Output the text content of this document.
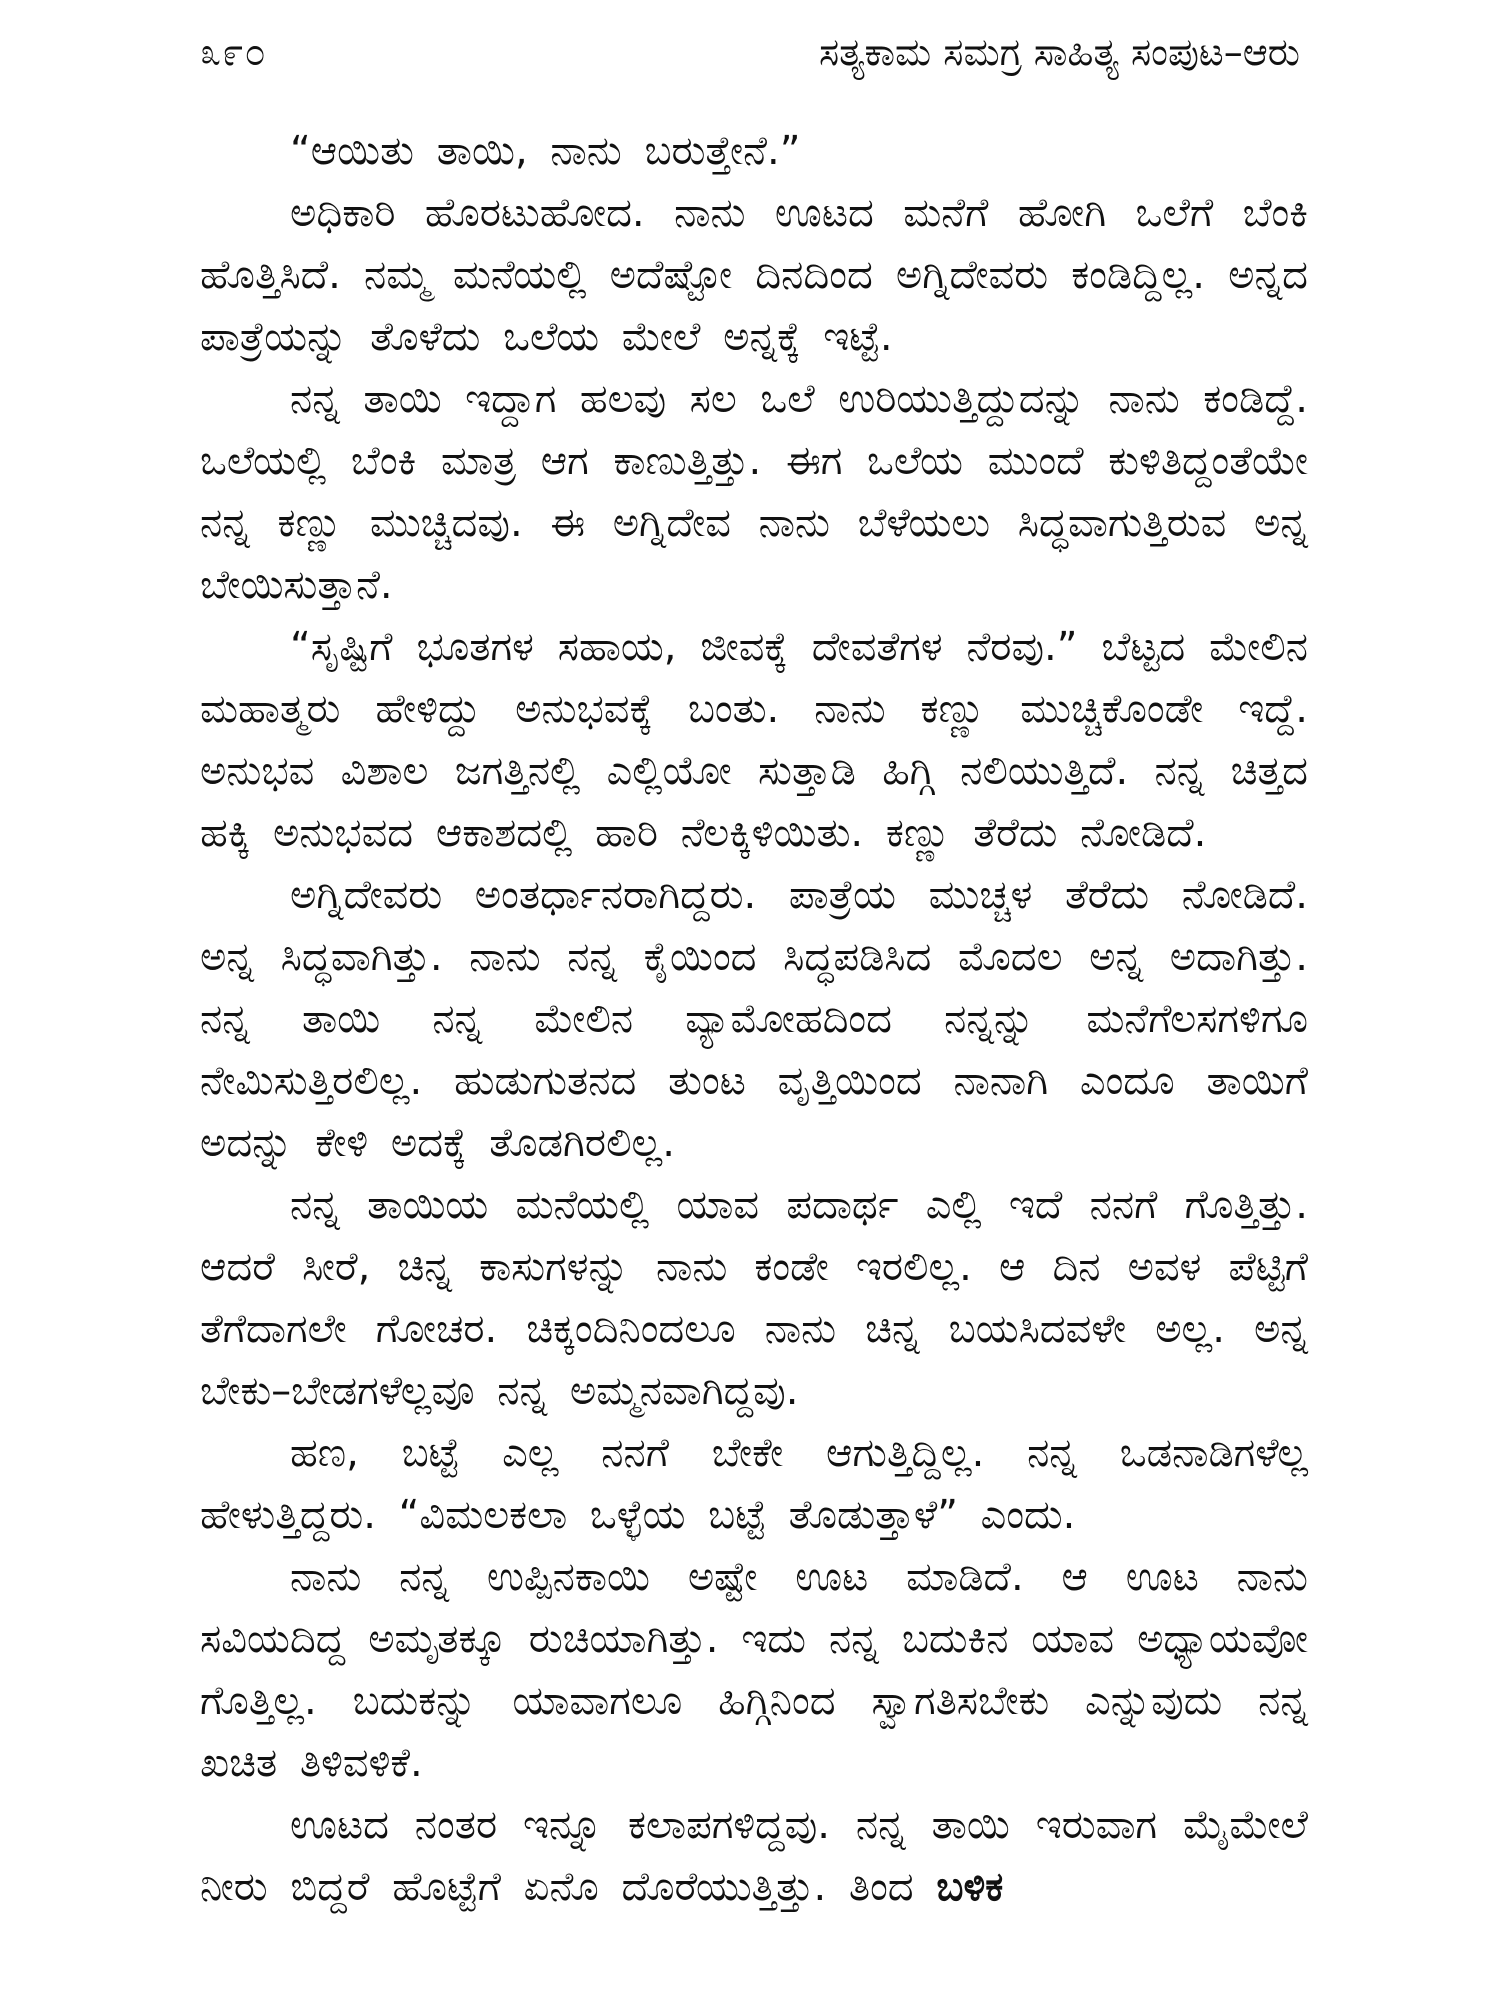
೩೯೦	ಸತ್ಯಕಾಮ ಸಮಗ್ರ ಸಾಹಿತ್ಯ ಸಂಪುಟ–ಆರು

“ಆಯಿತು ತಾಯಿ, ನಾನು ಬರುತ್ತೇನೆ.”

ಅಧಿಕಾರಿ ಹೊರಟುಹೋದ. ನಾನು ಊಟದ ಮನೆಗೆ ಹೋಗಿ ಒಲೆಗೆ ಬೆಂಕಿ ಹೊತ್ತಿಸಿದೆ. ನಮ್ಮ ಮನೆಯಲ್ಲಿ ಅದೆಷ್ಟೋ ದಿನದಿಂದ ಅಗ್ನಿದೇವರು ಕಂಡಿದ್ದಿಲ್ಲ. ಅನ್ನದ ಪಾತ್ರೆಯನ್ನು ತೊಳೆದು ಒಲೆಯ ಮೇಲೆ ಅನ್ನಕ್ಕೆ ಇಟ್ಟೆ.

ನನ್ನ ತಾಯಿ ಇದ್ದಾಗ ಹಲವು ಸಲ ಒಲೆ ಉರಿಯುತ್ತಿದ್ದುದನ್ನು ನಾನು ಕಂಡಿದ್ದೆ. ಒಲೆಯಲ್ಲಿ ಬೆಂಕಿ ಮಾತ್ರ ಆಗ ಕಾಣುತ್ತಿತ್ತು. ಈಗ ಒಲೆಯ ಮುಂದೆ ಕುಳಿತಿದ್ದಂತೆಯೇ ನನ್ನ ಕಣ್ಣು ಮುಚ್ಚಿದವು. ಈ ಅಗ್ನಿದೇವ ನಾನು ಬೆಳೆಯಲು ಸಿದ್ಧವಾಗುತ್ತಿರುವ ಅನ್ನ ಬೇಯಿಸುತ್ತಾನೆ.

“ಸೃಷ್ಟಿಗೆ ಭೂತಗಳ ಸಹಾಯ, ಜೀವಕ್ಕೆ ದೇವತೆಗಳ ನೆರವು.” ಬೆಟ್ಟದ ಮೇಲಿನ ಮಹಾತ್ಮರು ಹೇಳಿದ್ದು ಅನುಭವಕ್ಕೆ ಬಂತು. ನಾನು ಕಣ್ಣು ಮುಚ್ಚಿಕೊಂಡೇ ಇದ್ದೆ. ಅನುಭವ ವಿಶಾಲ ಜಗತ್ತಿನಲ್ಲಿ ಎಲ್ಲಿಯೋ ಸುತ್ತಾಡಿ ಹಿಗ್ಗಿ ನಲಿಯುತ್ತಿದೆ. ನನ್ನ ಚಿತ್ತದ ಹಕ್ಕಿ ಅನುಭವದ ಆಕಾಶದಲ್ಲಿ ಹಾರಿ ನೆಲಕ್ಕಿಳಿಯಿತು. ಕಣ್ಣು ತೆರೆದು ನೋಡಿದೆ.

ಅಗ್ನಿದೇವರು ಅಂತರ್ಧಾನರಾಗಿದ್ದರು. ಪಾತ್ರೆಯ ಮುಚ್ಚಳ ತೆರೆದು ನೋಡಿದೆ. ಅನ್ನ ಸಿದ್ಧವಾಗಿತ್ತು. ನಾನು ನನ್ನ ಕೈಯಿಂದ ಸಿದ್ಧಪಡಿಸಿದ ಮೊದಲ ಅನ್ನ ಅದಾಗಿತ್ತು. ನನ್ನ ತಾಯಿ ನನ್ನ ಮೇಲಿನ ವ್ಯಾಮೋಹದಿಂದ ನನ್ನನ್ನು ಮನೆಗೆಲಸಗಳಿಗೂ ನೇಮಿಸುತ್ತಿರಲಿಲ್ಲ. ಹುಡುಗುತನದ ತುಂಟ ವೃತ್ತಿಯಿಂದ ನಾನಾಗಿ ಎಂದೂ ತಾಯಿಗೆ ಅದನ್ನು ಕೇಳಿ ಅದಕ್ಕೆ ತೊಡಗಿರಲಿಲ್ಲ.

ನನ್ನ ತಾಯಿಯ ಮನೆಯಲ್ಲಿ ಯಾವ ಪದಾರ್ಥ ಎಲ್ಲಿ ಇದೆ ನನಗೆ ಗೊತ್ತಿತ್ತು. ಆದರೆ ಸೀರೆ, ಚಿನ್ನ ಕಾಸುಗಳನ್ನು ನಾನು ಕಂಡೇ ಇರಲಿಲ್ಲ. ಆ ದಿನ ಅವಳ ಪೆಟ್ಟಿಗೆ ತೆಗೆದಾಗಲೇ ಗೋಚರ. ಚಿಕ್ಕಂದಿನಿಂದಲೂ ನಾನು ಚಿನ್ನ ಬಯಸಿದವಳೇ ಅಲ್ಲ. ಅನ್ನ ಬೇಕು–ಬೇಡಗಳೆಲ್ಲವೂ ನನ್ನ ಅಮ್ಮನವಾಗಿದ್ದವು.

ಹಣ, ಬಟ್ಟೆ ಎಲ್ಲ ನನಗೆ ಬೇಕೇ ಆಗುತ್ತಿದ್ದಿಲ್ಲ. ನನ್ನ ಒಡನಾಡಿಗಳೆಲ್ಲ ಹೇಳುತ್ತಿದ್ದರು. “ವಿಮಲಕಲಾ ಒಳ್ಳೆಯ ಬಟ್ಟೆ ತೊಡುತ್ತಾಳೆ” ಎಂದು.

ನಾನು ನನ್ನ ಉಪ್ಪಿನಕಾಯಿ ಅಷ್ಟೇ ಊಟ ಮಾಡಿದೆ. ಆ ಊಟ ನಾನು ಸವಿಯದಿದ್ದ ಅಮೃತಕ್ಕೂ ರುಚಿಯಾಗಿತ್ತು. ಇದು ನನ್ನ ಬದುಕಿನ ಯಾವ ಅಧ್ಯಾಯವೋ ಗೊತ್ತಿಲ್ಲ. ಬದುಕನ್ನು ಯಾವಾಗಲೂ ಹಿಗ್ಗಿನಿಂದ ಸ್ವಾಗತಿಸಬೇಕು ಎನ್ನುವುದು ನನ್ನ ಖಚಿತ ತಿಳಿವಳಿಕೆ.

ಊಟದ ನಂತರ ಇನ್ನೂ ಕಲಾಪಗಳಿದ್ದವು. ನನ್ನ ತಾಯಿ ಇರುವಾಗ ಮೈಮೇಲೆ ನೀರು ಬಿದ್ದರೆ ಹೊಟ್ಟೆಗೆ ಏನೊ ದೊರೆಯುತ್ತಿತ್ತು. ತಿಂದ ಬಳಿಕ
